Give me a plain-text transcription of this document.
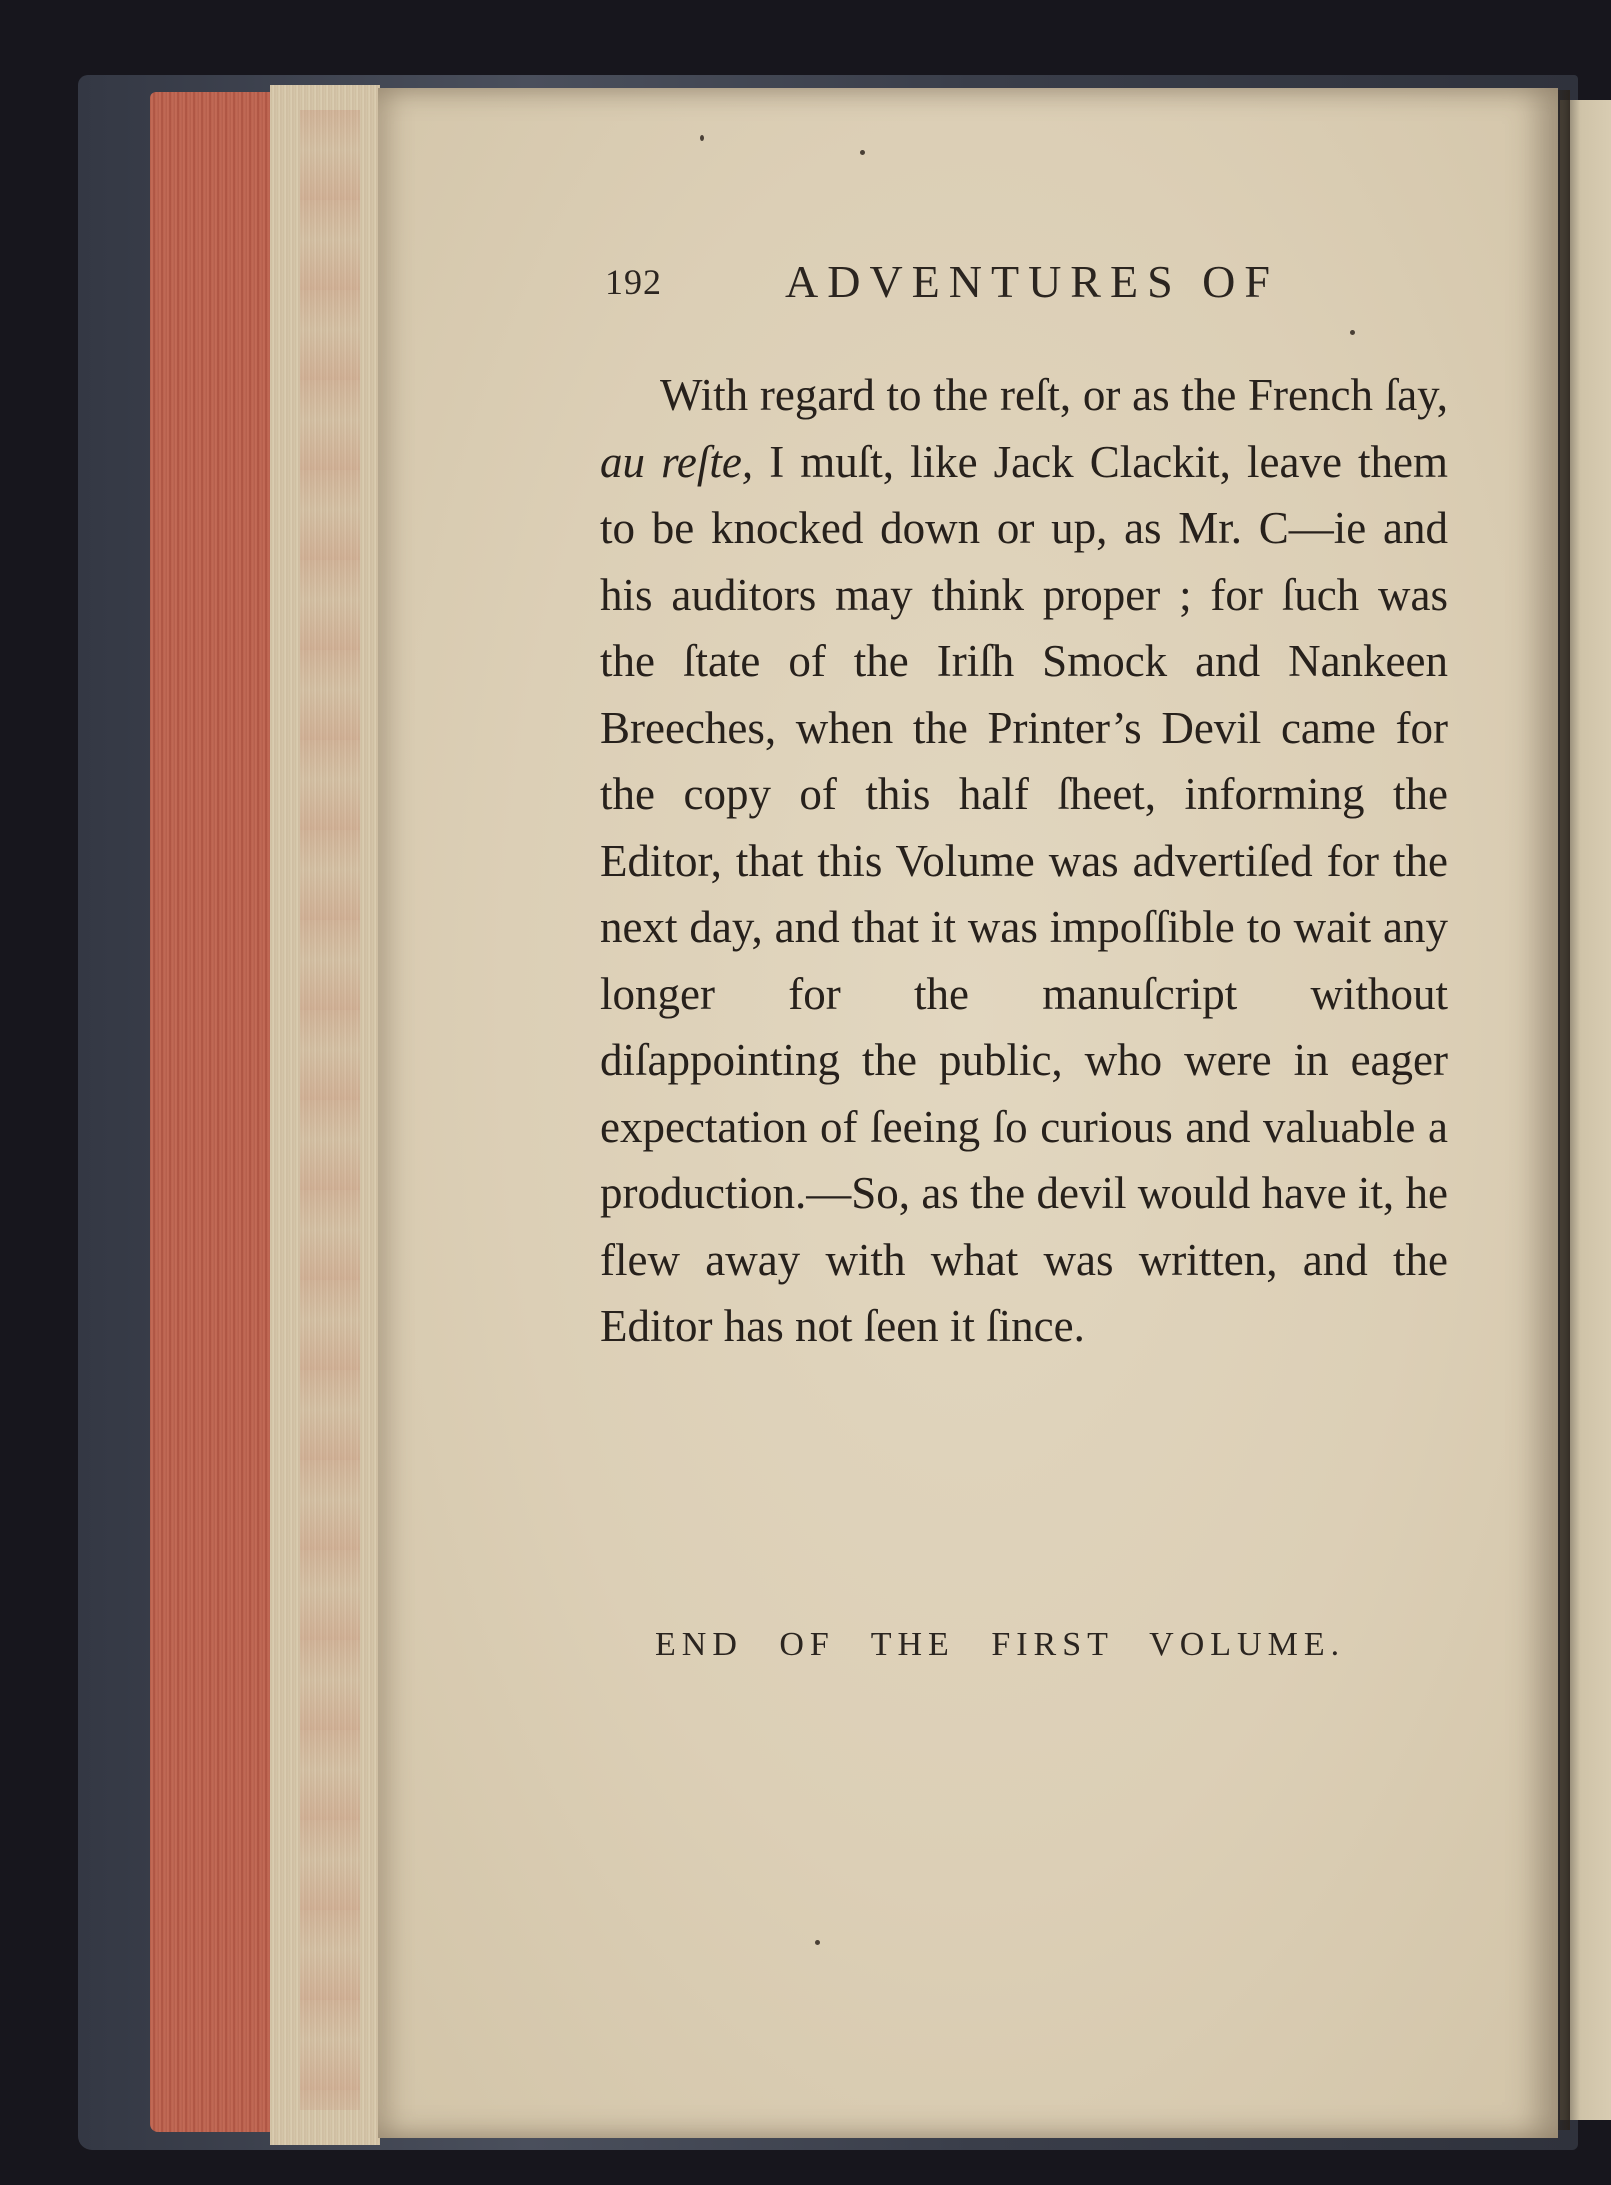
192	ADVENTURES OF

With regard to the reſt, or as the French ſay, au reſte, I muſt, like Jack Clackit, leave them to be knocked down or up, as Mr. C—ie and his auditors may think proper ; for ſuch was the ſtate of the Iriſh Smock and Nankeen Breeches, when the Printer’s Devil came for the copy of this half ſheet, informing the Editor, that this Volume was advertiſed for the next day, and that it was impoſſible to wait any longer for the manuſcript without diſappointing the public, who were in eager expectation of ſeeing ſo curious and valuable a production.—So, as the devil would have it, he flew away with what was written, and the Editor has not ſeen it ſince.

END OF THE FIRST VOLUME.
